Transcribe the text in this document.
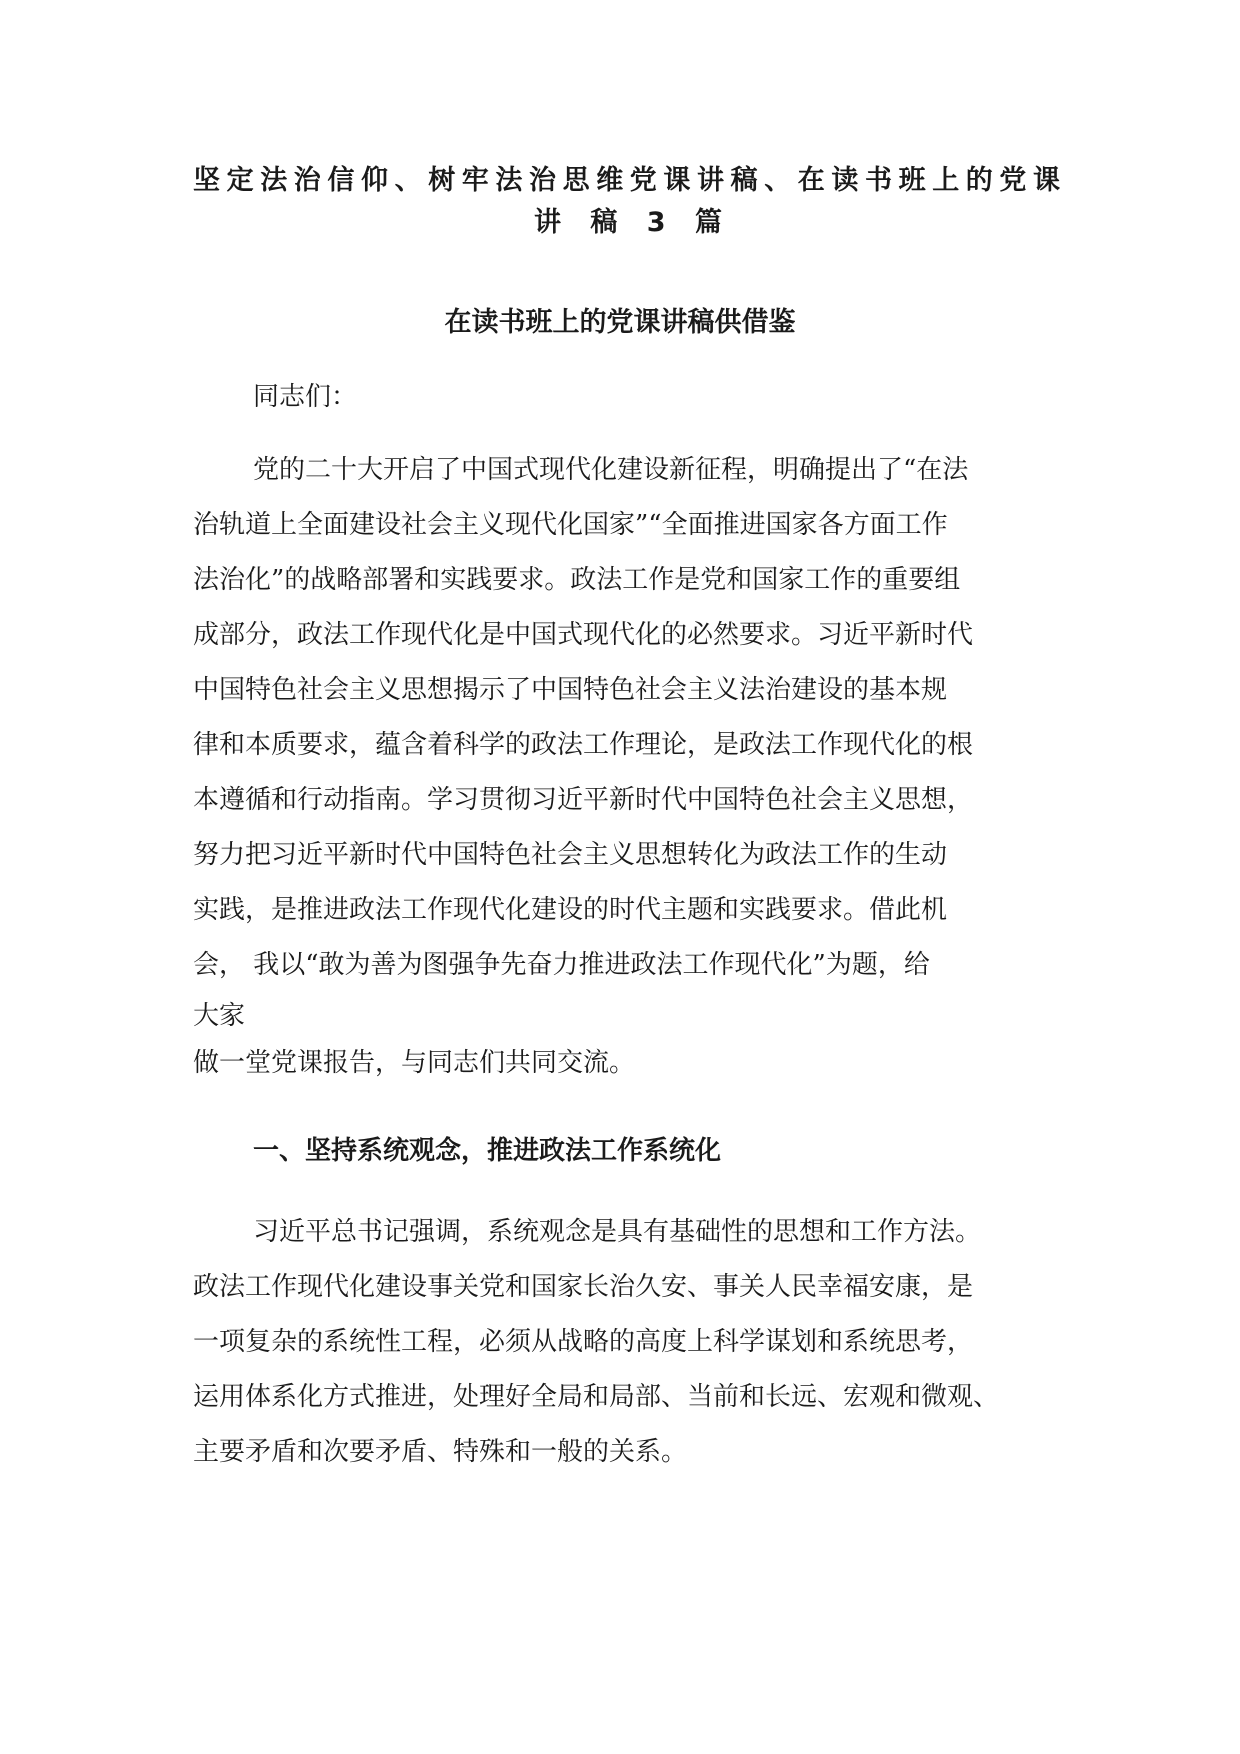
坚定法治信仰、树牢法治思维党课讲稿、在读书班上的党课
讲 稿 3 篇
在读书班上的党课讲稿供借鉴

同志们：

党的二十大开启了中国式现代化建设新征程，明确提出了“在法
治轨道上全面建设社会主义现代化国家”“全面推进国家各方面工作
法治化”的战略部署和实践要求。政法工作是党和国家工作的重要组
成部分，政法工作现代化是中国式现代化的必然要求。习近平新时代
中国特色社会主义思想揭示了中国特色社会主义法治建设的基本规
律和本质要求，蕴含着科学的政法工作理论，是政法工作现代化的根
本遵循和行动指南。学习贯彻习近平新时代中国特色社会主义思想，
努力把习近平新时代中国特色社会主义思想转化为政法工作的生动
实践，是推进政法工作现代化建设的时代主题和实践要求。借此机
会， 我以“敢为善为图强争先奋力推进政法工作现代化”为题，给
大家
做一堂党课报告，与同志们共同交流。
一、坚持系统观念，推进政法工作系统化
习近平总书记强调，系统观念是具有基础性的思想和工作方法。
政法工作现代化建设事关党和国家长治久安、事关人民幸福安康，是
一项复杂的系统性工程，必须从战略的高度上科学谋划和系统思考，
运用体系化方式推进，处理好全局和局部、当前和长远、宏观和微观、
主要矛盾和次要矛盾、特殊和一般的关系。
